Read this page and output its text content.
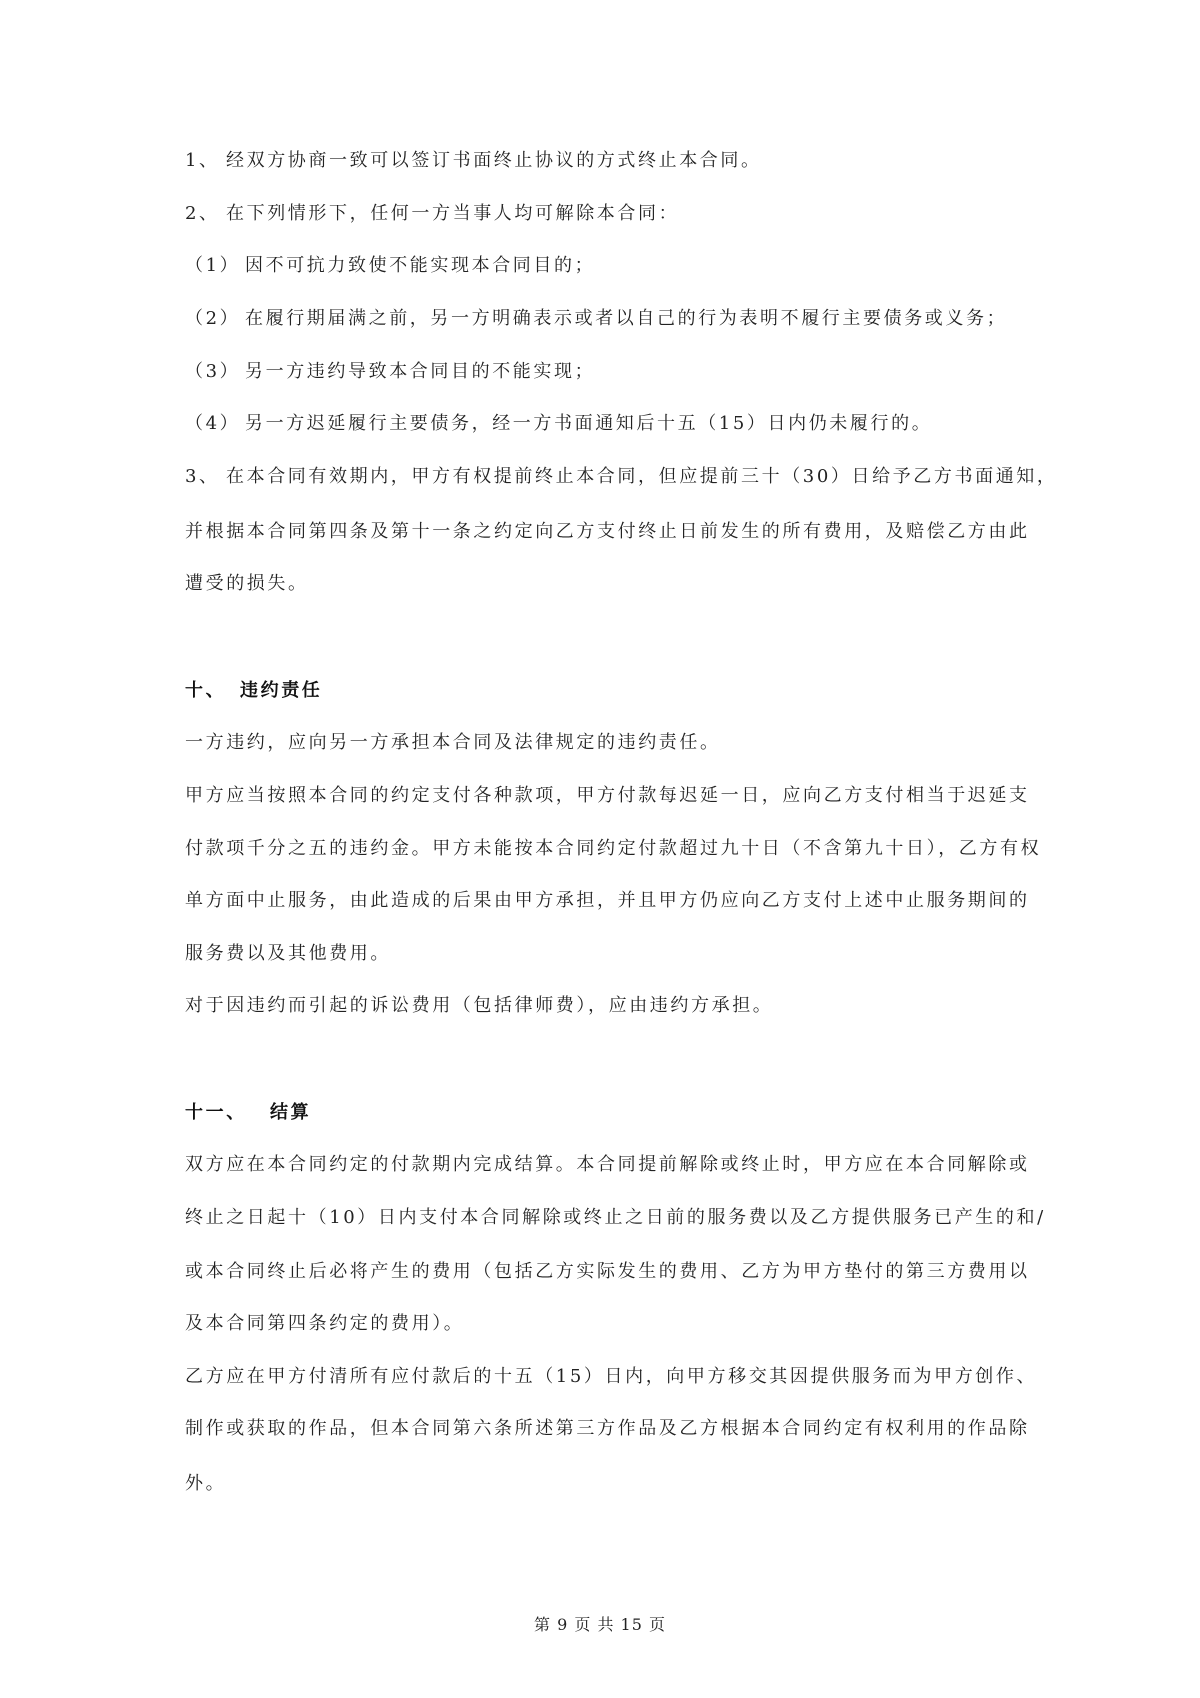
1、 经双方协商一致可以签订书面终止协议的方式终止本合同。
2、 在下列情形下，任何一方当事人均可解除本合同：
（1） 因不可抗力致使不能实现本合同目的；
（2） 在履行期届满之前，另一方明确表示或者以自己的行为表明不履行主要债务或义务；
（3） 另一方违约导致本合同目的不能实现；
（4） 另一方迟延履行主要债务，经一方书面通知后十五（15）日内仍未履行的。
3、 在本合同有效期内，甲方有权提前终止本合同，但应提前三十（30）日给予乙方书面通知，
并根据本合同第四条及第十一条之约定向乙方支付终止日前发生的所有费用，及赔偿乙方由此
遭受的损失。
十、 违约责任
一方违约，应向另一方承担本合同及法律规定的违约责任。
甲方应当按照本合同的约定支付各种款项，甲方付款每迟延一日，应向乙方支付相当于迟延支
付款项千分之五的违约金。甲方未能按本合同约定付款超过九十日（不含第九十日），乙方有权
单方面中止服务，由此造成的后果由甲方承担，并且甲方仍应向乙方支付上述中止服务期间的
服务费以及其他费用。
对于因违约而引起的诉讼费用（包括律师费），应由违约方承担。
十一、 结算
双方应在本合同约定的付款期内完成结算。本合同提前解除或终止时，甲方应在本合同解除或
终止之日起十（10）日内支付本合同解除或终止之日前的服务费以及乙方提供服务已产生的和/
或本合同终止后必将产生的费用（包括乙方实际发生的费用、乙方为甲方垫付的第三方费用以
及本合同第四条约定的费用）。
乙方应在甲方付清所有应付款后的十五（15）日内，向甲方移交其因提供服务而为甲方创作、
制作或获取的作品，但本合同第六条所述第三方作品及乙方根据本合同约定有权利用的作品除
外。
第 9 页 共 15 页
